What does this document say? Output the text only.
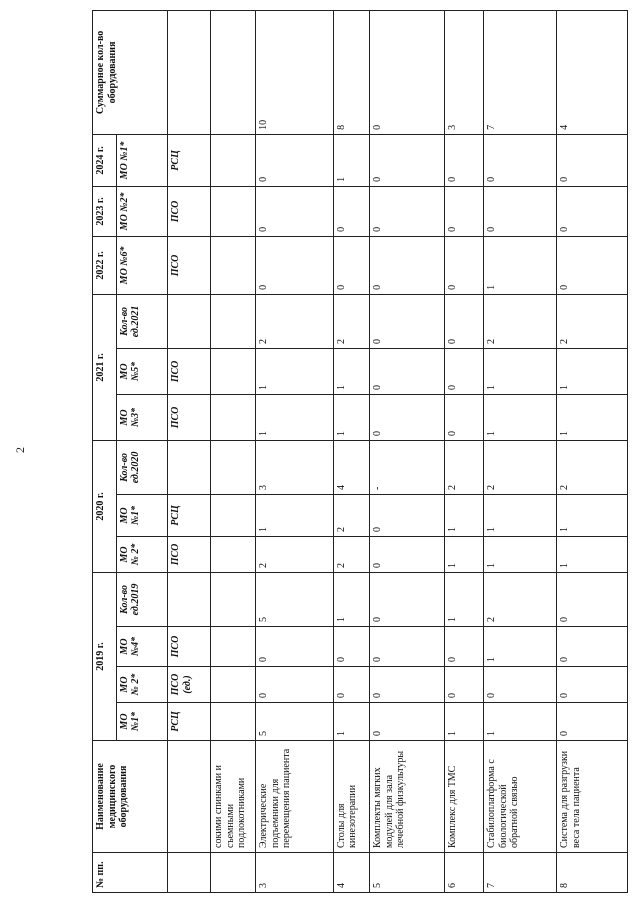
2
№ пп.	Наименование медицинского оборудования	2019 г.				2020 г.			2021 г.			2022 г.	2023 г.	2024 г.	Суммарное кол-во оборудования
		МО №1*	МО № 2*	МО №4*	Кол-во ед.2019	МО № 2*	МО №1*	Кол-во ед.2020	МО №3*	МО №5*	Кол-во ед.2021	МО №6*	МО №2*	МО №1*	
		РСЦ	ПСО (ед.)	ПСО		ПСО	РСЦ		ПСО	ПСО		ПСО	ПСО	РСЦ	
	сокими спинками и съемными подлокотниками														
3	Электрические подъемники для перемещения пациента	5	0	0	5	2	1	3	1	1	2	0	0	0	10
4	Столы для кинезотерапии	1	0	0	1	2	2	4	1	1	2	0	0	1	8
5	Комплекты мягких модулей для зала лечебной физкультуры	0	0	0	0	0	0	-	0	0	0	0	0	0	0
6	Комплекс для ТМС	1	0	0	1	1	1	2	0	0	0	0	0	0	3
7	Стабилоплатформа с биологической обратной связью	1	0	1	2	1	1	2	1	1	2	1	0	0	7
8	Система для разгрузки веса тела пациента	0	0	0	0	1	1	2	1	1	2	0	0	0	4
